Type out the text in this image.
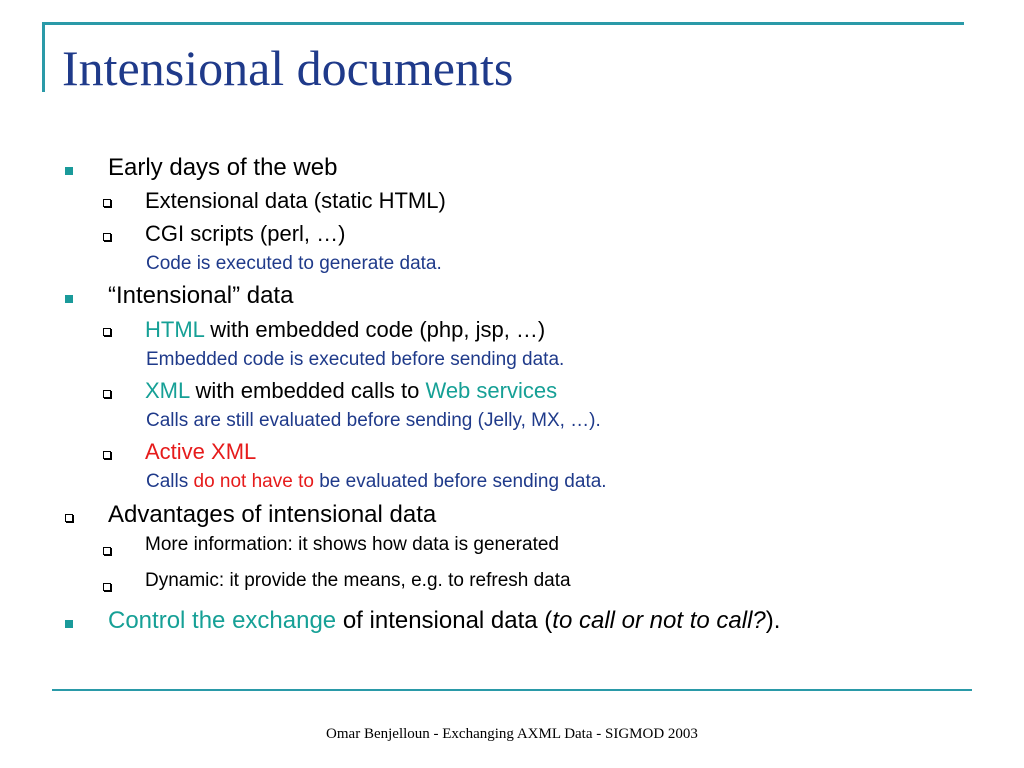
Intensional documents
Early days of the web
Extensional data (static HTML)
CGI scripts (perl, …)
Code is executed to generate data.
“Intensional” data
HTML with embedded code (php, jsp, …)
Embedded code is executed before sending data.
XML with embedded calls to Web services
Calls are still evaluated before sending (Jelly, MX, …).
Active XML
Calls do not have to be evaluated before sending data.
Advantages of intensional data
More information: it shows how data is generated
Dynamic: it provide the means, e.g. to refresh data
Control the exchange of intensional data (to call or not to call?).
Omar Benjelloun - Exchanging AXML Data - SIGMOD 2003
